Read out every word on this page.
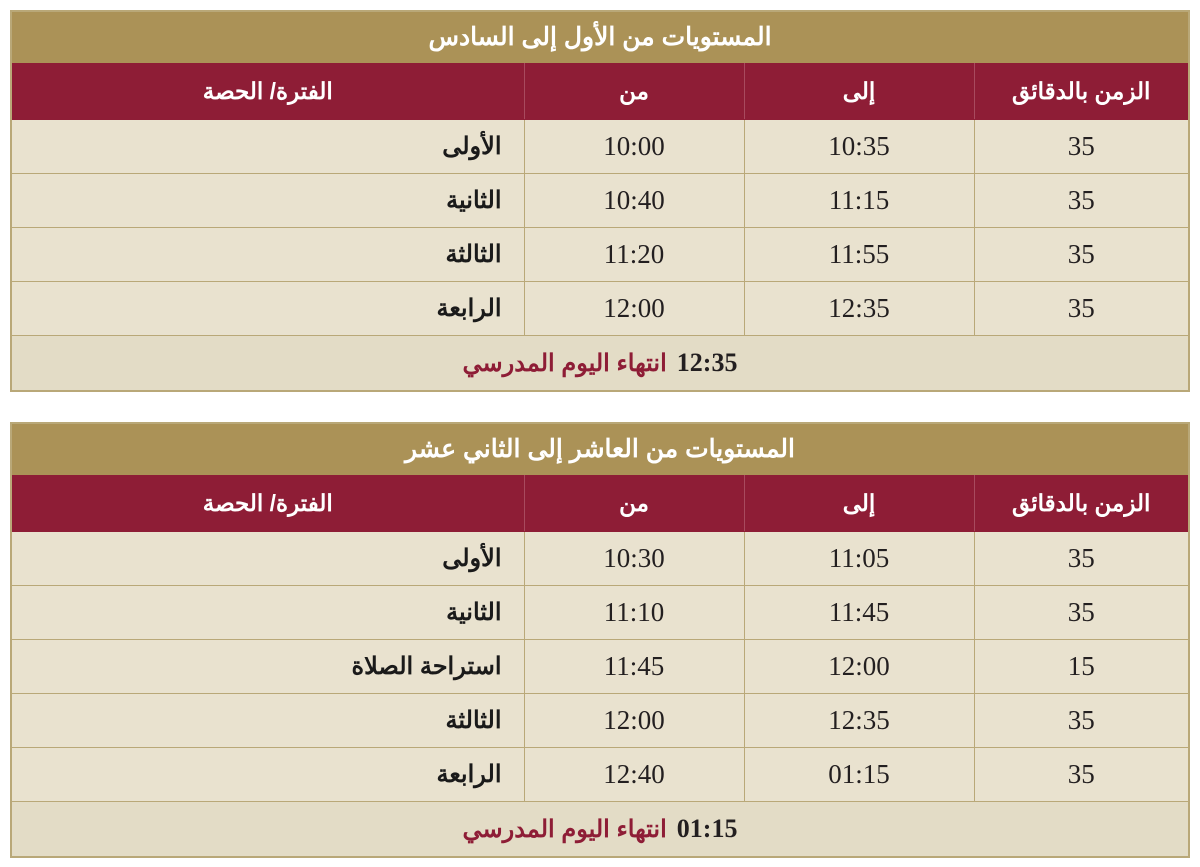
المستويات من الأول إلى السادس			
الزمن بالدقائق	إلى	من	الفترة/ الحصة
35	10:35	10:00	الأولى
35	11:15	10:40	الثانية
35	11:55	11:20	الثالثة
35	12:35	12:00	الرابعة

انتهاء اليوم المدرسي 12:35			
المستويات من العاشر إلى الثاني عشر			
الزمن بالدقائق	إلى	من	الفترة/ الحصة
35	11:05	10:30	الأولى
35	11:45	11:10	الثانية
15	12:00	11:45	استراحة الصلاة
35	12:35	12:00	الثالثة
35	01:15	12:40	الرابعة

انتهاء اليوم المدرسي 01:15			
